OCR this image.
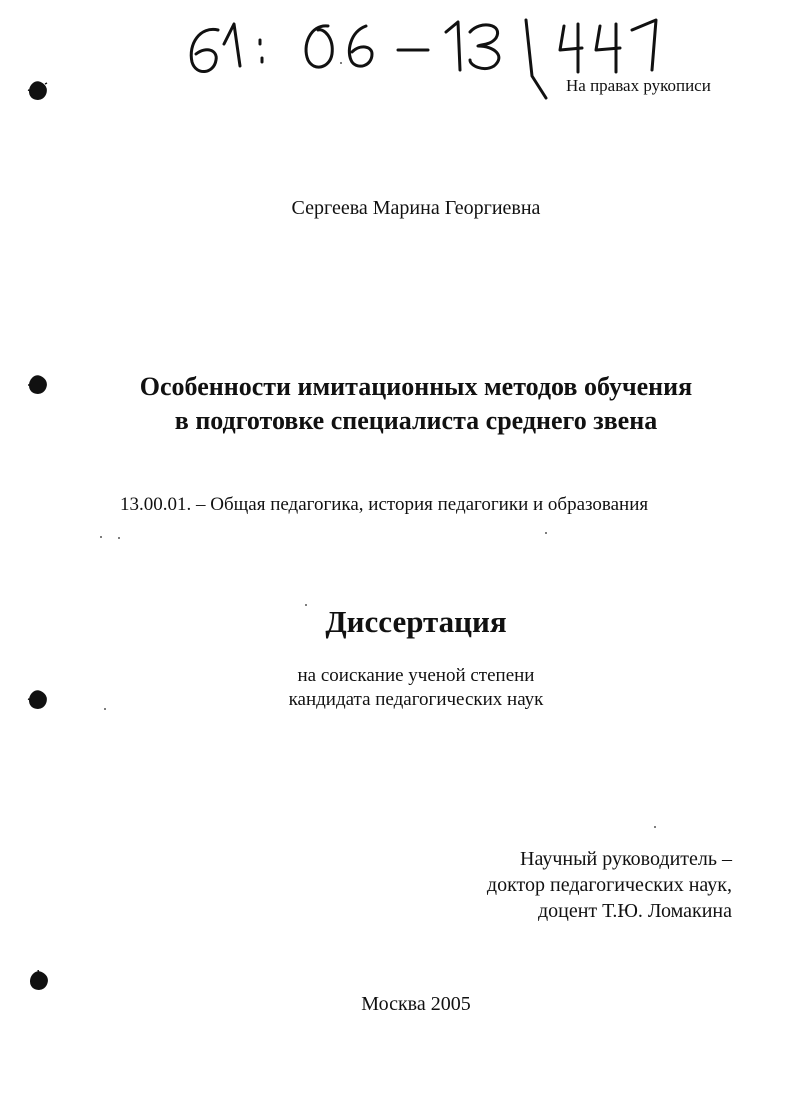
На правах рукописи
Сергеева Марина Георгиевна
Особенности имитационных методов обучения
в подготовке специалиста среднего звена
13.00.01. – Общая педагогика, история педагогики и образования
Диссертация
на соискание ученой степени
кандидата педагогических наук
Научный руководитель –
доктор педагогических наук,
доцент Т.Ю. Ломакина
Москва 2005
